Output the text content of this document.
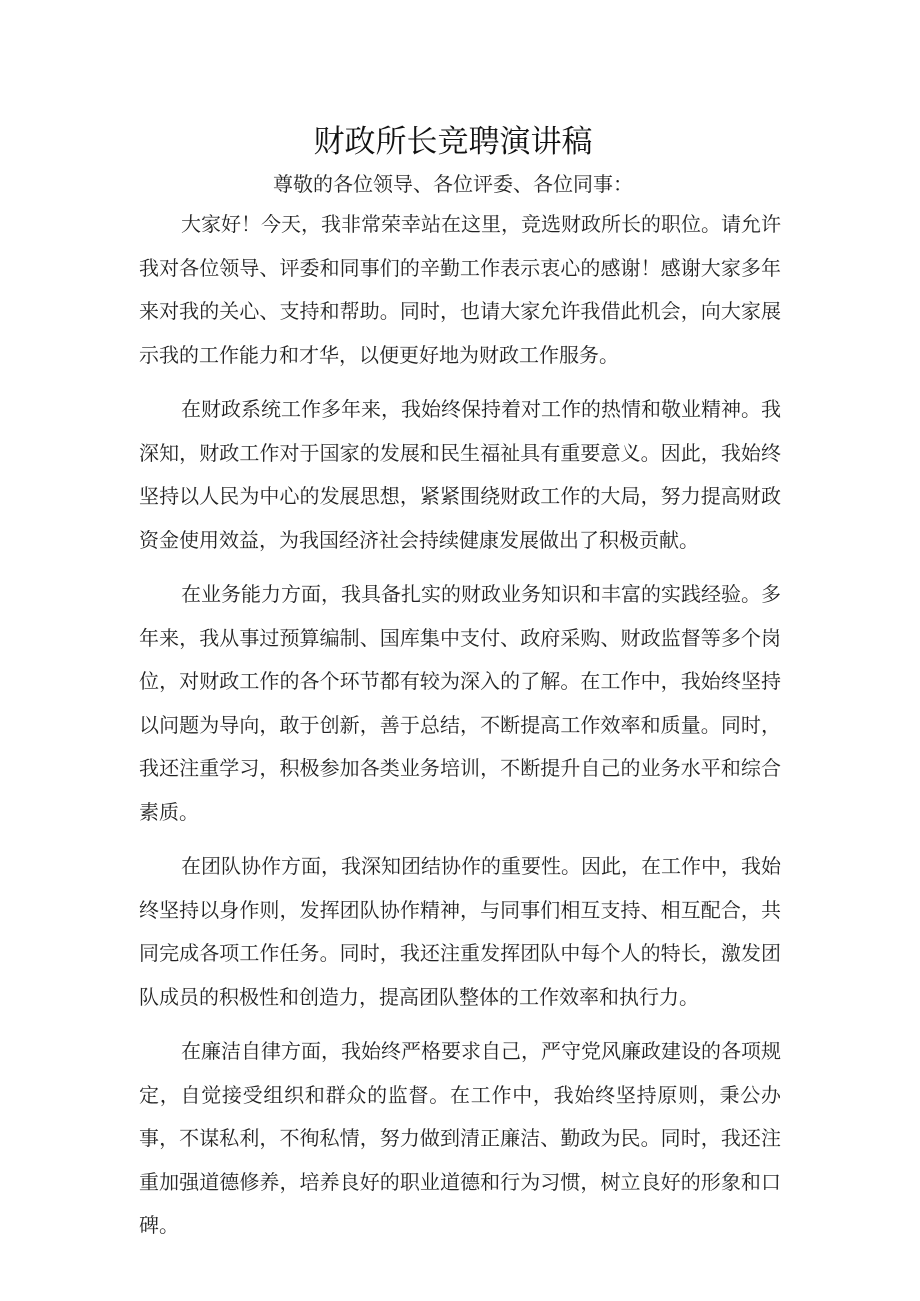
财政所长竞聘演讲稿

尊敬的各位领导、各位评委、各位同事：

大家好！今天，我非常荣幸站在这里，竞选财政所长的职位。请允许我对各位领导、评委和同事们的辛勤工作表示衷心的感谢！感谢大家多年来对我的关心、支持和帮助。同时，也请大家允许我借此机会，向大家展示我的工作能力和才华，以便更好地为财政工作服务。

在财政系统工作多年来，我始终保持着对工作的热情和敬业精神。我深知，财政工作对于国家的发展和民生福祉具有重要意义。因此，我始终坚持以人民为中心的发展思想，紧紧围绕财政工作的大局，努力提高财政资金使用效益，为我国经济社会持续健康发展做出了积极贡献。

在业务能力方面，我具备扎实的财政业务知识和丰富的实践经验。多年来，我从事过预算编制、国库集中支付、政府采购、财政监督等多个岗位，对财政工作的各个环节都有较为深入的了解。在工作中，我始终坚持以问题为导向，敢于创新，善于总结，不断提高工作效率和质量。同时，我还注重学习，积极参加各类业务培训，不断提升自己的业务水平和综合素质。

在团队协作方面，我深知团结协作的重要性。因此，在工作中，我始终坚持以身作则，发挥团队协作精神，与同事们相互支持、相互配合，共同完成各项工作任务。同时，我还注重发挥团队中每个人的特长，激发团队成员的积极性和创造力，提高团队整体的工作效率和执行力。

在廉洁自律方面，我始终严格要求自己，严守党风廉政建设的各项规定，自觉接受组织和群众的监督。在工作中，我始终坚持原则，秉公办事，不谋私利，不徇私情，努力做到清正廉洁、勤政为民。同时，我还注重加强道德修养，培养良好的职业道德和行为习惯，树立良好的形象和口碑。
